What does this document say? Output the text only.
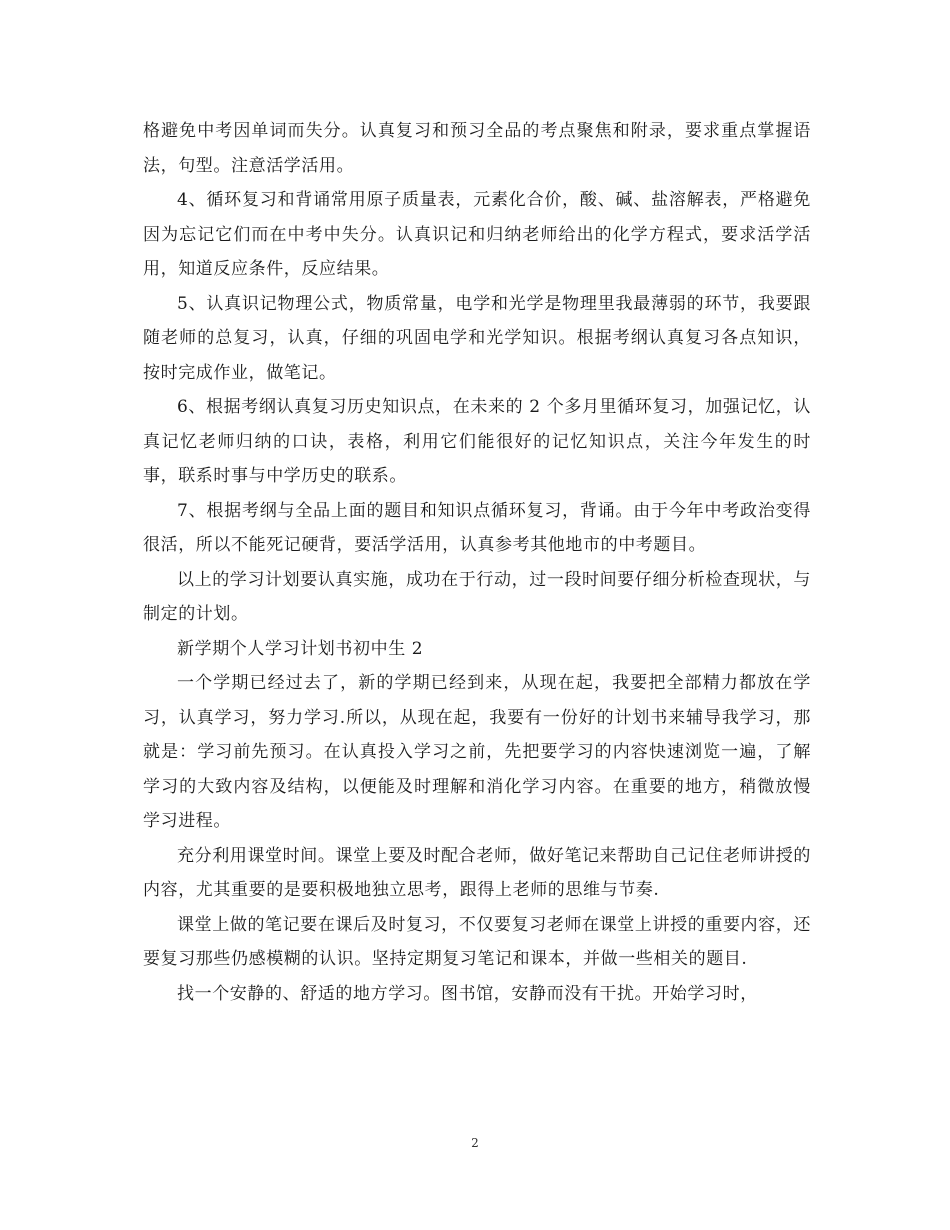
格避免中考因单词而失分。认真复习和预习全品的考点聚焦和附录，要求重点掌握语法，句型。注意活学活用。

4、循环复习和背诵常用原子质量表，元素化合价，酸、碱、盐溶解表，严格避免因为忘记它们而在中考中失分。认真识记和归纳老师给出的化学方程式，要求活学活用，知道反应条件，反应结果。

5、认真识记物理公式，物质常量，电学和光学是物理里我最薄弱的环节，我要跟随老师的总复习，认真，仔细的巩固电学和光学知识。根据考纲认真复习各点知识，按时完成作业，做笔记。

6、根据考纲认真复习历史知识点，在未来的 2 个多月里循环复习，加强记忆，认真记忆老师归纳的口诀，表格，利用它们能很好的记忆知识点，关注今年发生的时事，联系时事与中学历史的联系。

7、根据考纲与全品上面的题目和知识点循环复习，背诵。由于今年中考政治变得很活，所以不能死记硬背，要活学活用，认真参考其他地市的中考题目。

以上的学习计划要认真实施，成功在于行动，过一段时间要仔细分析检查现状，与制定的计划。

新学期个人学习计划书初中生 2

一个学期已经过去了，新的学期已经到来，从现在起，我要把全部精力都放在学习，认真学习，努力学习.所以，从现在起，我要有一份好的计划书来辅导我学习，那就是：学习前先预习。在认真投入学习之前，先把要学习的内容快速浏览一遍，了解学习的大致内容及结构，以便能及时理解和消化学习内容。在重要的地方，稍微放慢学习进程。

充分利用课堂时间。课堂上要及时配合老师，做好笔记来帮助自己记住老师讲授的内容，尤其重要的是要积极地独立思考，跟得上老师的思维与节奏.

课堂上做的笔记要在课后及时复习，不仅要复习老师在课堂上讲授的重要内容，还要复习那些仍感模糊的认识。坚持定期复习笔记和课本，并做一些相关的题目.

找一个安静的、舒适的地方学习。图书馆，安静而没有干扰。开始学习时，

2
